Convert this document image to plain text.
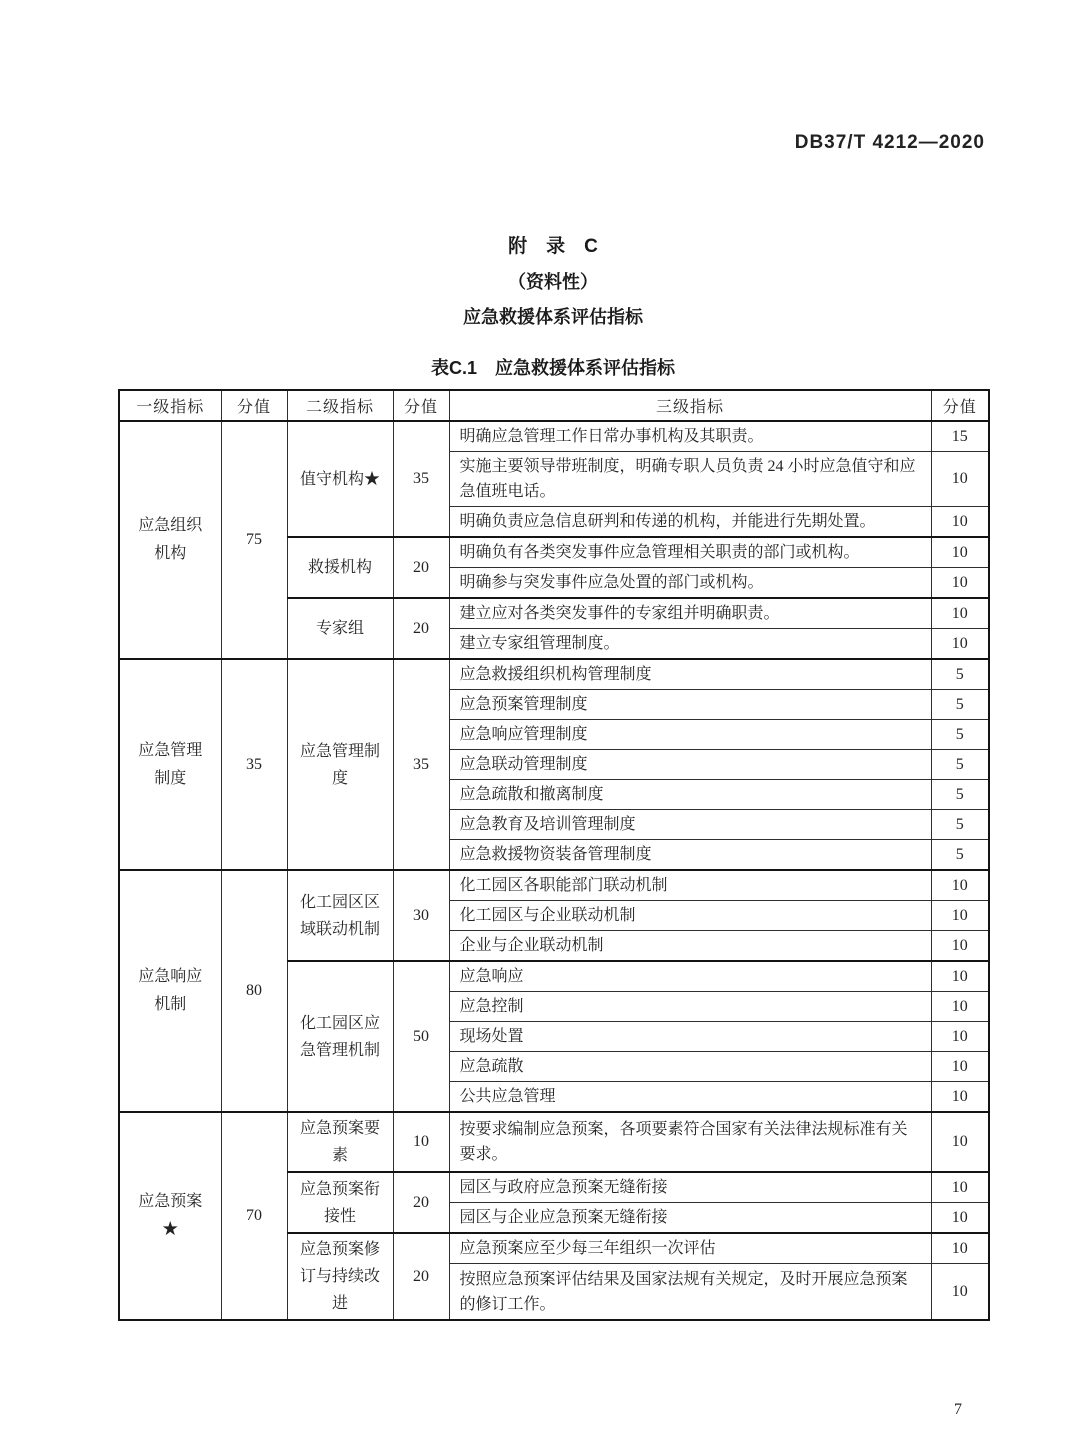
DB37/T 4212—2020
附　录　C
（资料性）
应急救援体系评估指标
表C.1　应急救援体系评估指标
一级指标	分值	二级指标	分值	三级指标	分值
应急组织机构	75	值守机构★	35	明确应急管理工作日常办事机构及其职责。	15
				实施主要领导带班制度，明确专职人员负责 24 小时应急值守和应急值班电话。	10
				明确负责应急信息研判和传递的机构，并能进行先期处置。	10
		救援机构	20	明确负有各类突发事件应急管理相关职责的部门或机构。	10
				明确参与突发事件应急处置的部门或机构。	10
		专家组	20	建立应对各类突发事件的专家组并明确职责。	10
				建立专家组管理制度。	10
应急管理制度	35	应急管理制度	35	应急救援组织机构管理制度	5
				应急预案管理制度	5
				应急响应管理制度	5
				应急联动管理制度	5
				应急疏散和撤离制度	5
				应急教育及培训管理制度	5
				应急救援物资装备管理制度	5
应急响应机制	80	化工园区区域联动机制	30	化工园区各职能部门联动机制	10
				化工园区与企业联动机制	10
				企业与企业联动机制	10
		化工园区应急管理机制	50	应急响应	10
				应急控制	10
				现场处置	10
				应急疏散	10
				公共应急管理	10
应急预案★	70	应急预案要素	10	按要求编制应急预案，各项要素符合国家有关法律法规标准有关要求。	10
		应急预案衔接性	20	园区与政府应急预案无缝衔接	10
				园区与企业应急预案无缝衔接	10
		应急预案修订与持续改进	20	应急预案应至少每三年组织一次评估	10
				按照应急预案评估结果及国家法规有关规定，及时开展应急预案的修订工作。	10
7
